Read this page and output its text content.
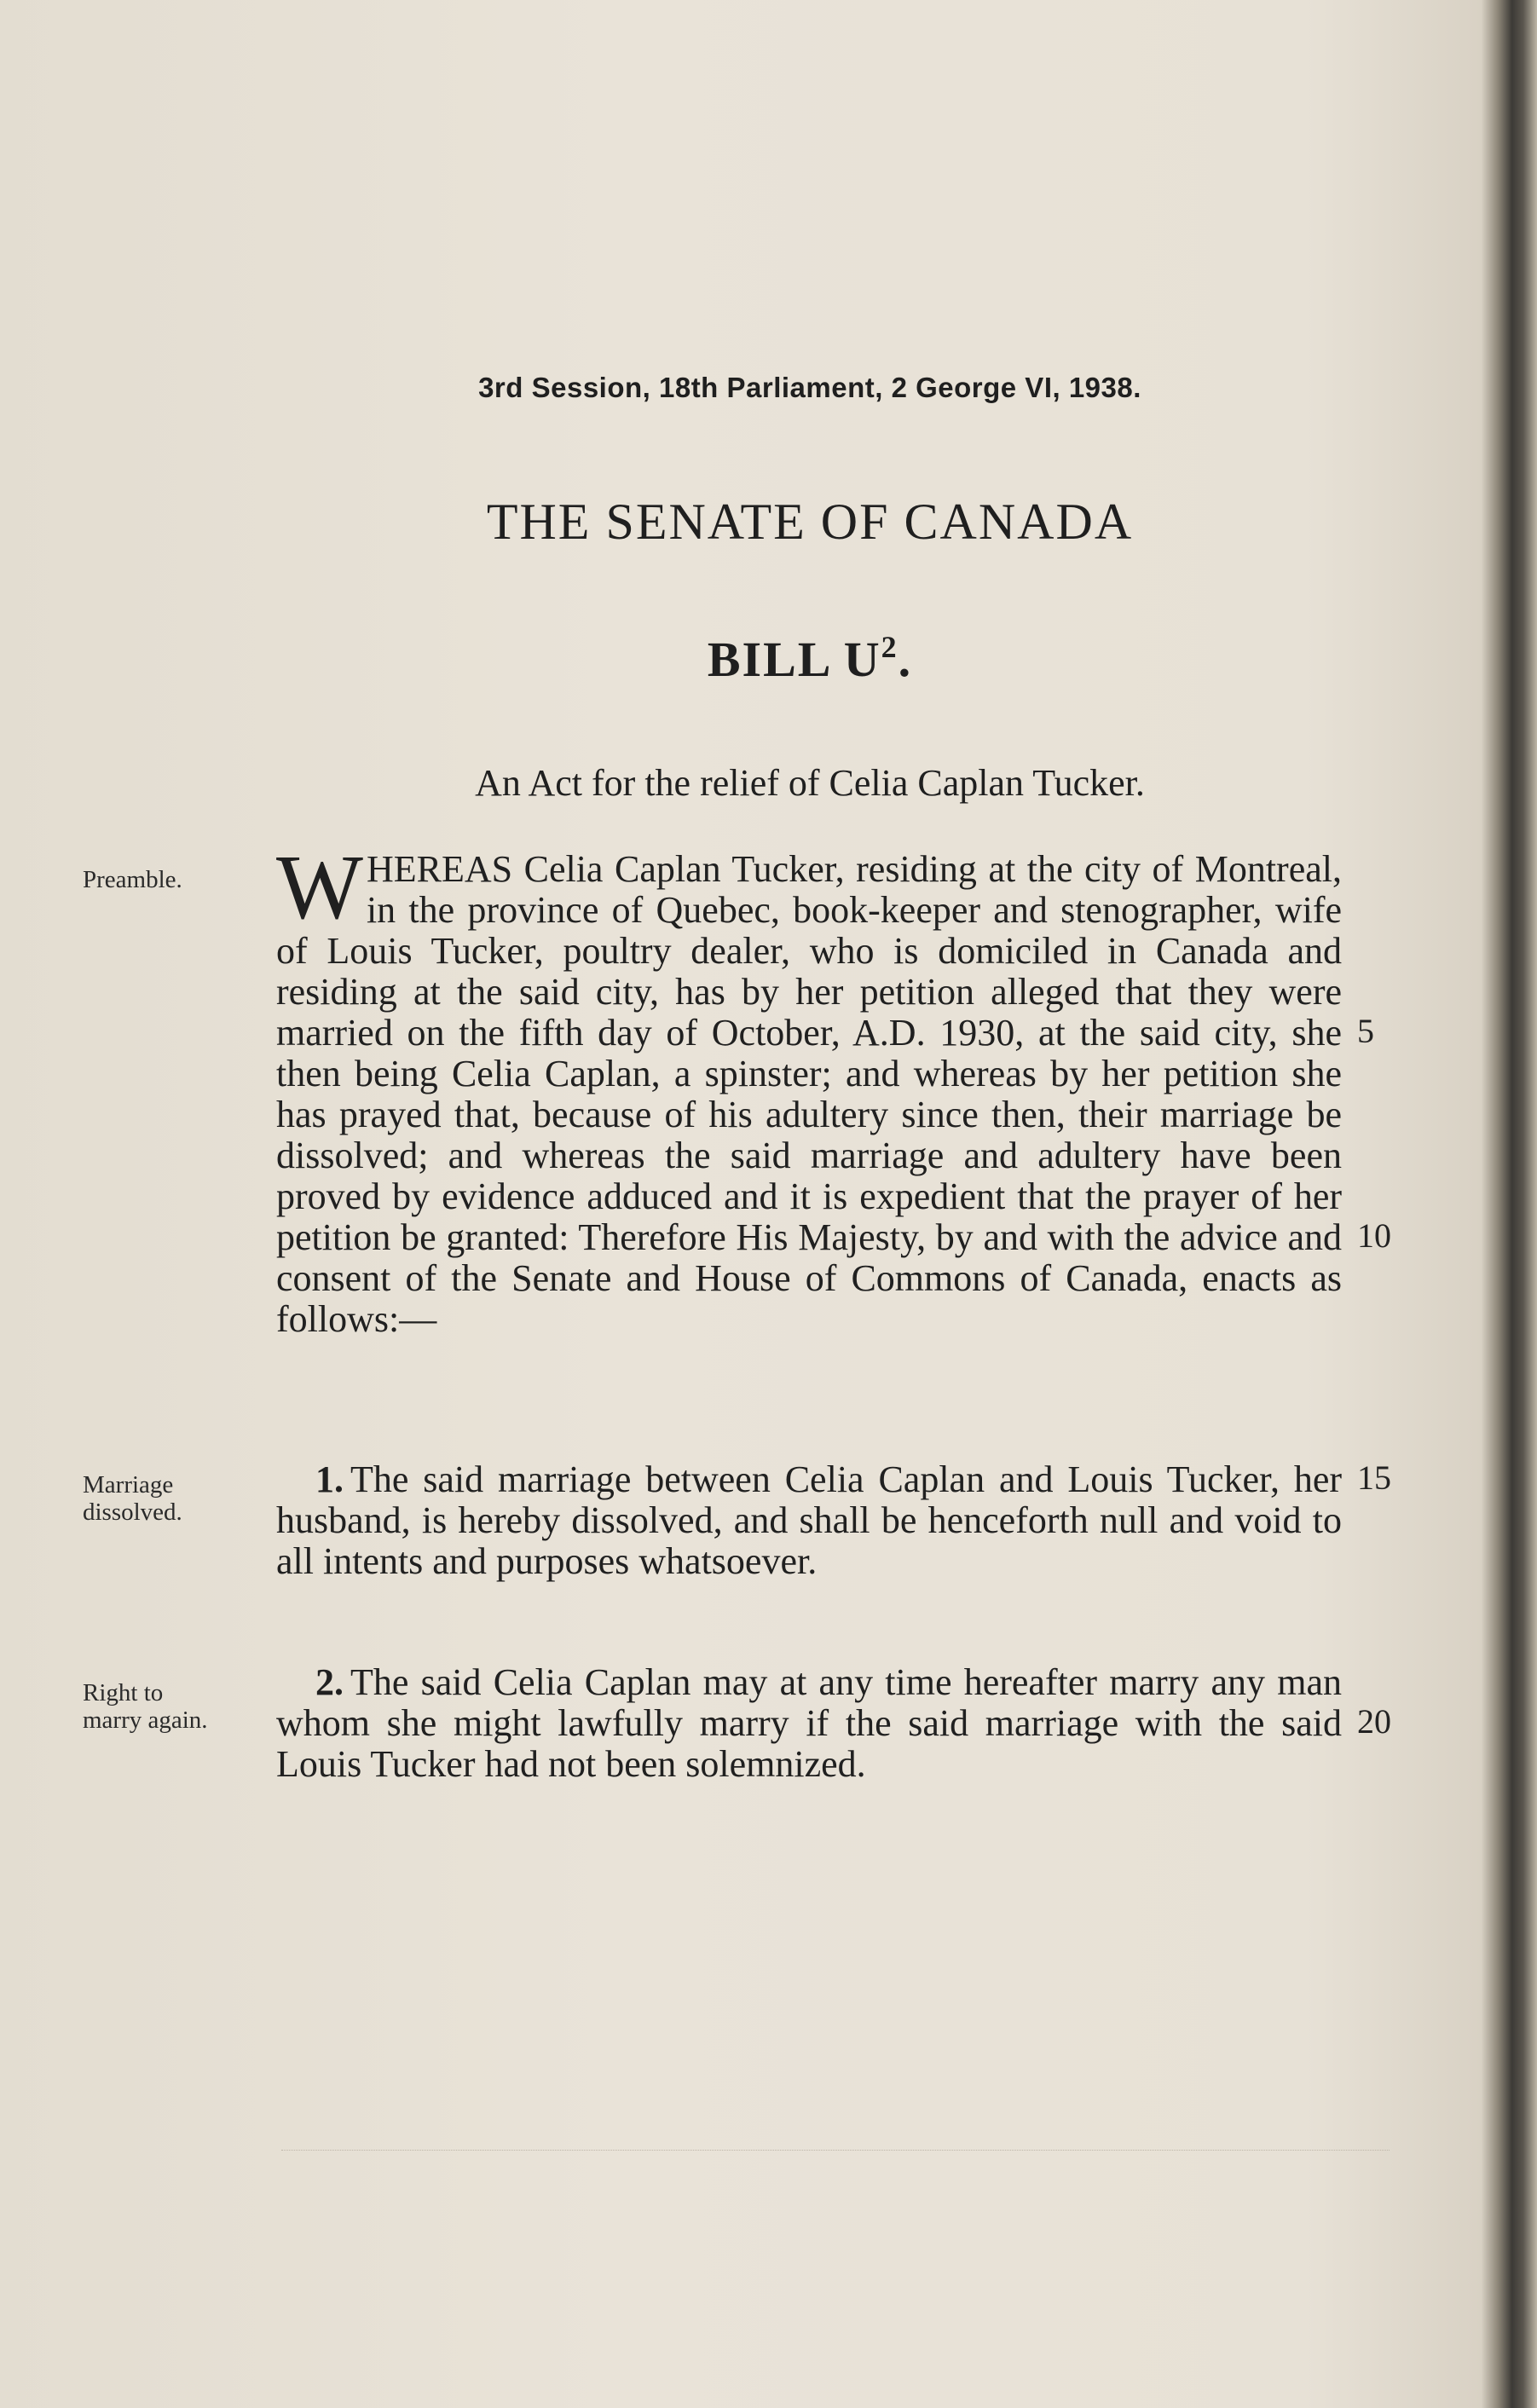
3rd Session, 18th Parliament, 2 George VI, 1938.
THE SENATE OF CANADA
BILL $U^2$.
An Act for the relief of Celia Caplan Tucker.
Preamble.
Marriage
dissolved.
Right to
marry again.
WHEREAS Celia Caplan Tucker, residing at the city of Montreal, in the province of Quebec, book-keeper and stenographer, wife of Louis Tucker, poultry dealer, who is domiciled in Canada and residing at the said city, has by her petition alleged that they were married on the fifth day of October, A.D. 1930, at the said city, she then being Celia Caplan, a spinster; and whereas by her petition she has prayed that, because of his adultery since then, their marriage be dissolved; and whereas the said marriage and adultery have been proved by evidence adduced and it is expedient that the prayer of her petition be granted: Therefore His Majesty, by and with the advice and consent of the Senate and House of Commons of Canada, enacts as follows:—
1. The said marriage between Celia Caplan and Louis Tucker, her husband, is hereby dissolved, and shall be henceforth null and void to all intents and purposes whatsoever.
2. The said Celia Caplan may at any time hereafter marry any man whom she might lawfully marry if the said marriage with the said Louis Tucker had not been solemnized.
5
10
15
20
